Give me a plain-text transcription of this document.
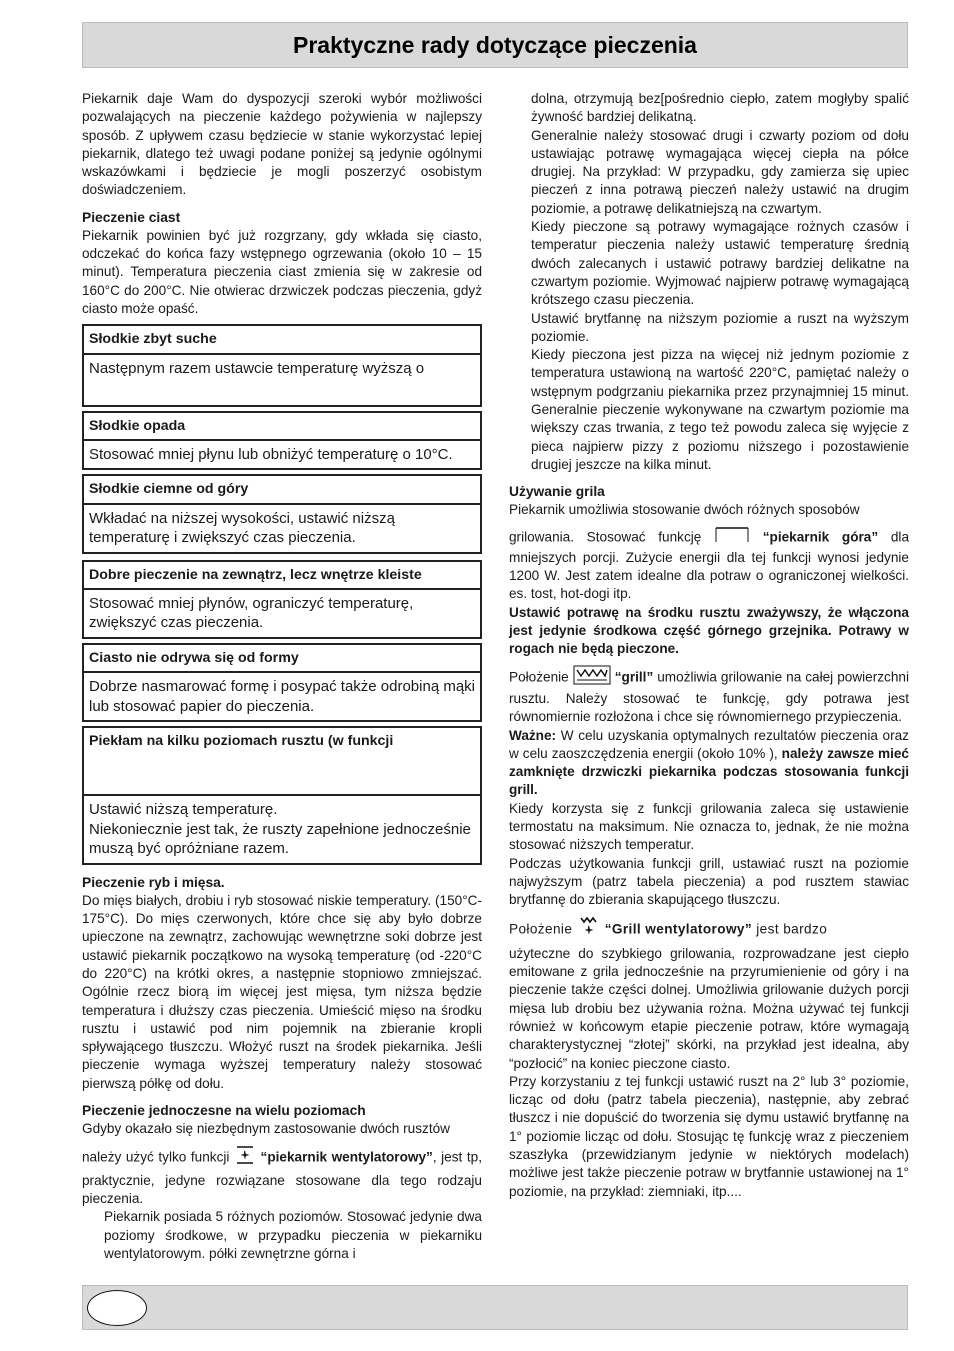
Praktyczne rady dotyczące pieczenia

Piekarnik daje Wam do dyspozycji szeroki wybór możliwości pozwalających na pieczenie każdego pożywienia w najlepszy sposób. Z upływem czasu będziecie w stanie wykorzystać lepiej piekarnik, dlatego też uwagi podane poniżej są jedynie ogólnymi wskazówkami i będziecie je mogli poszerzyć osobistym doświadczeniem.

Pieczenie ciast

Piekarnik powinien być już rozgrzany, gdy wkłada się ciasto, odczekać do końca fazy wstępnego ogrzewania (około 10 – 15 minut). Temperatura pieczenia ciast zmienia się w zakresie od 160°C do 200°C. Nie otwierac drzwiczek podczas pieczenia, gdyż ciasto może opaść.

Słodkie zbyt suche
Następnym razem ustawcie temperaturę wyższą o
Słodkie opada
Stosować mniej płynu lub obniżyć temperaturę o 10°C.
Słodkie ciemne od góry
Wkładać na niższej wysokości, ustawić niższą temperaturę i zwiększyć czas pieczenia.
Dobre pieczenie na zewnątrz, lecz wnętrze kleiste
Stosować mniej płynów, ograniczyć temperaturę, zwiększyć czas pieczenia.
Ciasto nie odrywa się od formy
Dobrze nasmarować formę i posypać także odrobiną mąki lub stosować papier do pieczenia.
Piekłam na kilku poziomach rusztu (w funkcji
Ustawić niższą temperaturę.
Niekoniecznie jest tak, że ruszty zapełnione jednocześnie muszą być opróżniane razem.
Pieczenie ryb i mięsa.

Do mięs białych, drobiu i ryb stosować niskie temperatury. (150°C-175°C). Do mięs czerwonych, które chce się aby było dobrze upieczone na zewnątrz, zachowując wewnętrzne soki dobrze jest ustawić piekarnik początkowo na wysoką temperaturę (od -220°C do 220°C) na krótki okres, a następnie stopniowo zmniejszać. Ogólnie rzecz biorą im więcej jest mięsa, tym niższa będzie temperatura i dłuższy czas pieczenia. Umieścić mięso na środku rusztu i ustawić pod nim pojemnik na zbieranie kropli spływającego tłuszczu. Włożyć ruszt na środek piekarnika. Jeśli pieczenie wymaga wyższej temperatury należy stosować pierwszą półkę od dołu.

Pieczenie jednoczesne na wielu poziomach

Gdyby okazało się niezbędnym zastosowanie dwóch rusztów

należy użyć tylko funkcji “piekarnik wentylatorowy”, jest tp, praktycznie, jedyne rozwiązane stosowane dla tego rodzaju pieczenia.

Piekarnik posiada 5 różnych poziomów. Stosować jedynie dwa poziomy środkowe, w przypadku pieczenia w piekarniku wentylatorowym. półki zewnętrzne górna i

dolna, otrzymują bez[pośrednio ciepło, zatem mogłyby spalić żywność bardziej delikatną.

Generalnie należy stosować drugi i czwarty poziom od dołu ustawiając potrawę wymagająca więcej ciepła na półce drugiej. Na przykład: W przypadku, gdy zamierza się upiec pieczeń z inna potrawą pieczeń należy ustawić na drugim poziomie, a potrawę delikatniejszą na czwartym.

Kiedy pieczone są potrawy wymagające rożnych czasów i temperatur pieczenia należy ustawić temperaturę średnią dwóch zalecanych i ustawić potrawy bardziej delikatne na czwartym poziomie. Wyjmować najpierw potrawę wymagającą krótszego czasu pieczenia.

Ustawić brytfannę na niższym poziomie a ruszt na wyższym poziomie.

Kiedy pieczona jest pizza na więcej niż jednym poziomie z temperatura ustawioną na wartość 220°C, pamiętać należy o wstępnym podgrzaniu piekarnika przez przynajmniej 15 minut. Generalnie pieczenie wykonywane na czwartym poziomie ma większy czas trwania, z tego też powodu zaleca się wyjęcie z pieca najpierw pizzy z poziomu niższego i pozostawienie drugiej jeszcze na kilka minut.

Używanie grila

Piekarnik umożliwia stosowanie dwóch różnych sposobów

grilowania. Stosować funkcję	“piekarnik góra” dla mniejszych porcji. Zużycie energii dla tej funkcji wynosi jedynie 1200 W. Jest zatem idealne dla potraw o ograniczonej wielkości. es. tost, hot-dogi itp.

Ustawić potrawę na środku rusztu zważywszy, że włączona jest jedynie środkowa część górnego grzejnika. Potrawy w rogach nie będą pieczone.

Położenie	“grill” umożliwia grilowanie na całej powierzchni rusztu. Należy stosować te funkcję, gdy potrawa jest równomiernie rozłożona i chce się równomiernego przypieczenia.

Ważne: W celu uzyskania optymalnych rezultatów pieczenia oraz w celu zaoszczędzenia energii (około 10% ), należy zawsze mieć zamknięte drzwiczki piekarnika podczas stosowania funkcji grill.

Kiedy korzysta się z funkcji grilowania zaleca się ustawienie termostatu na maksimum. Nie oznacza to, jednak, że nie można stosować niższych temperatur.

Podczas użytkowania funkcji grill, ustawiać ruszt na poziomie najwyższym (patrz tabela pieczenia) a pod rusztem stawiac brytfannę do zbierania skapującego tłuszczu.

Położenie “Grill wentylatorowy” jest bardzo

użyteczne do szybkiego grilowania, rozprowadzane jest ciepło emitowane z grila jednocześnie na przyrumienienie od góry i na pieczenie także części dolnej. Umożliwia grilowanie dużych porcji mięsa lub drobiu bez używania rożna. Można używać tej funkcji również w końcowym etapie pieczenie potraw, które wymagają charakterystycznej “złotej” skórki, na przykład jest idealna, aby “pozłocić” na koniec pieczone ciasto.

Przy korzystaniu z tej funkcji ustawić ruszt na 2° lub 3° poziomie, licząc od dołu (patrz tabela pieczenia), następnie, aby zebrać tłuszcz i nie dopuścić do tworzenia się dymu ustawić brytfannę na 1° poziomie licząc od dołu. Stosując tę funkcję wraz z pieczeniem szaszłyka (przewidzianym jedynie w niektórych modelach) możliwe jest także pieczenie potraw w brytfannie ustawionej na 1° poziomie, na przykład: ziemniaki, itp....
